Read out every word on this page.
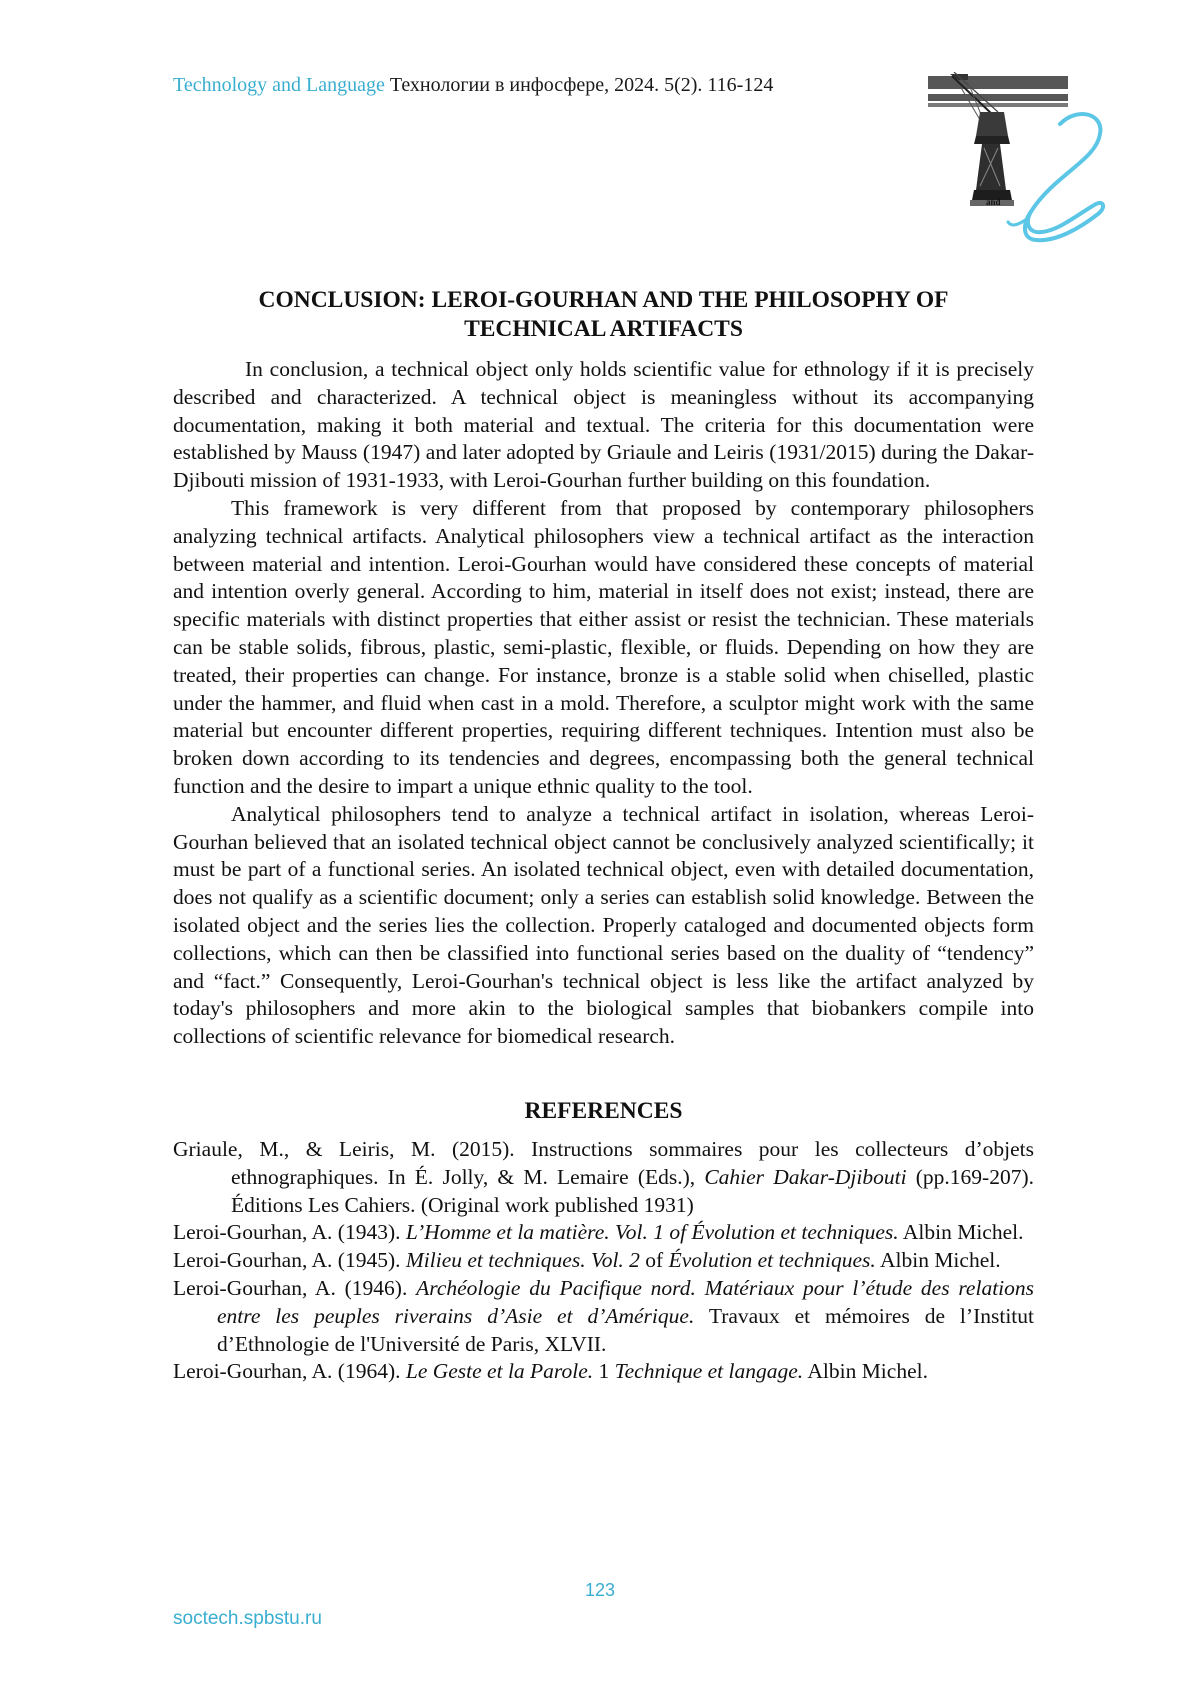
Technology and Language Технологии в инфосфере, 2024. 5(2). 116-124
and
CONCLUSION: LEROI-GOURHAN AND THE PHILOSOPHY OF TECHNICAL ARTIFACTS

In conclusion, a technical object only holds scientific value for ethnology if it is precisely described and characterized. A technical object is meaningless without its accompanying documentation, making it both material and textual. The criteria for this documentation were established by Mauss (1947) and later adopted by Griaule and Leiris (1931/2015) during the Dakar-Djibouti mission of 1931-1933, with Leroi-Gourhan further building on this foundation.

This framework is very different from that proposed by contemporary philosophers analyzing technical artifacts. Analytical philosophers view a technical artifact as the interaction between material and intention. Leroi-Gourhan would have considered these concepts of material and intention overly general. According to him, material in itself does not exist; instead, there are specific materials with distinct properties that either assist or resist the technician. These materials can be stable solids, fibrous, plastic, semi-plastic, flexible, or fluids. Depending on how they are treated, their properties can change. For instance, bronze is a stable solid when chiselled, plastic under the hammer, and fluid when cast in a mold. Therefore, a sculptor might work with the same material but encounter different properties, requiring different techniques. Intention must also be broken down according to its tendencies and degrees, encompassing both the general technical function and the desire to impart a unique ethnic quality to the tool.

Analytical philosophers tend to analyze a technical artifact in isolation, whereas Leroi-Gourhan believed that an isolated technical object cannot be conclusively analyzed scientifically; it must be part of a functional series. An isolated technical object, even with detailed documentation, does not qualify as a scientific document; only a series can establish solid knowledge. Between the isolated object and the series lies the collection. Properly cataloged and documented objects form collections, which can then be classified into functional series based on the duality of “tendency” and “fact.” Consequently, Leroi-Gourhan's technical object is less like the artifact analyzed by today's philosophers and more akin to the biological samples that biobankers compile into collections of scientific relevance for biomedical research.

REFERENCES

Griaule, M., & Leiris, M. (2015). Instructions sommaires pour les collecteurs d’objets ethnographiques. In É. Jolly, & M. Lemaire (Eds.), Cahier Dakar-Djibouti (pp.169-207). Éditions Les Cahiers. (Original work published 1931)

Leroi-Gourhan, A. (1943). L’Homme et la matière. Vol. 1 of Évolution et techniques. Albin Michel.

Leroi-Gourhan, A. (1945). Milieu et techniques. Vol. 2 of Évolution et techniques. Albin Michel.

Leroi-Gourhan, A. (1946). Archéologie du Pacifique nord. Matériaux pour l’étude des relations entre les peuples riverains d’Asie et d’Amérique. Travaux et mémoires de l’Institut d’Ethnologie de l'Université de Paris, XLVII.

Leroi-Gourhan, A. (1964). Le Geste et la Parole. 1 Technique et langage. Albin Michel.

123
soctech.spbstu.ru
